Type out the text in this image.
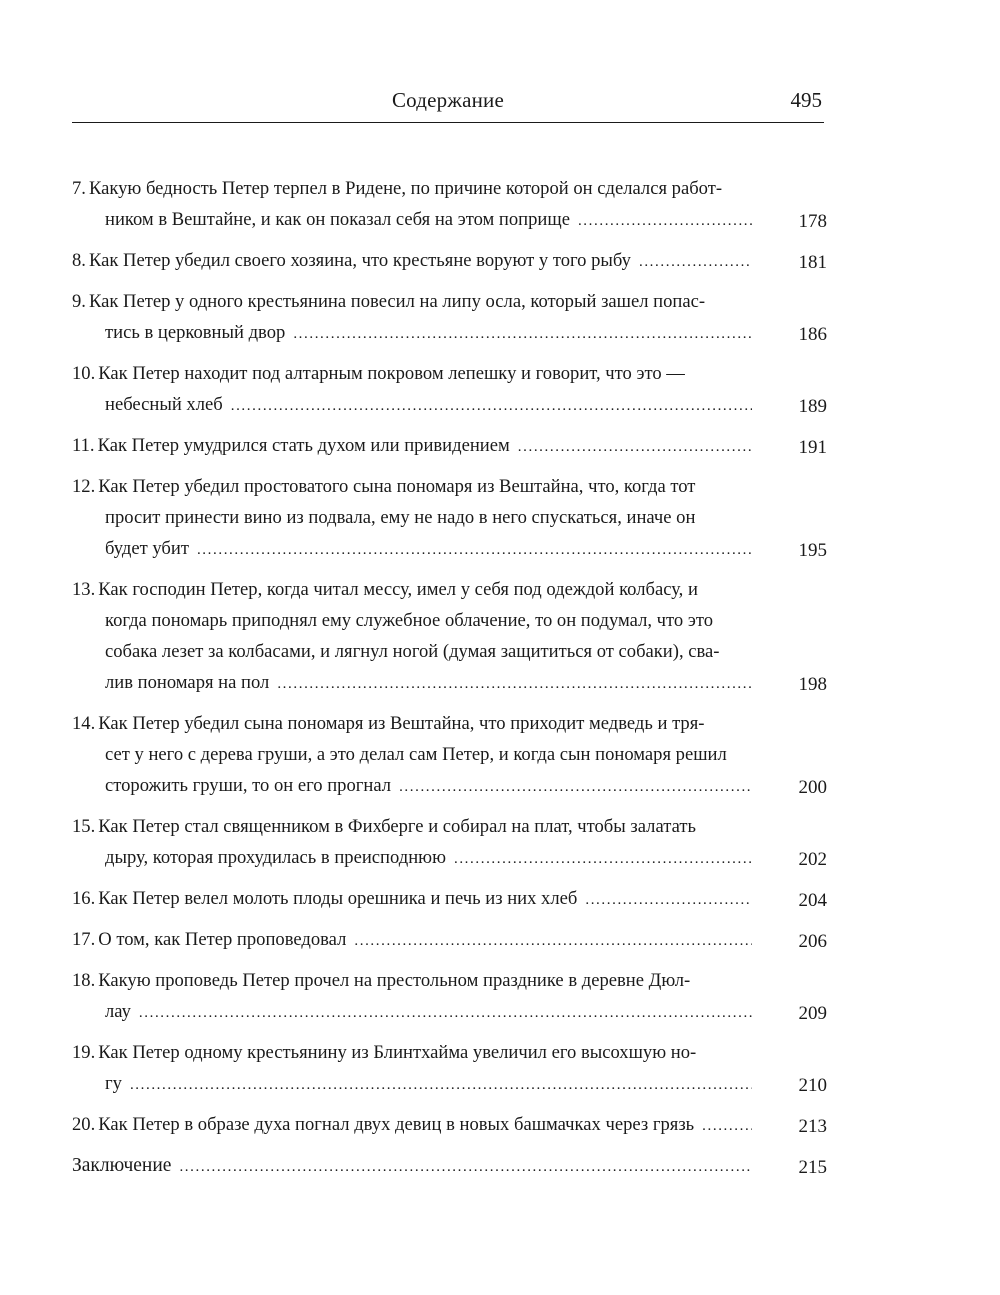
Содержание	495
7. Какую бедность Петер терпел в Ридене, по причине которой он сделался работ-
ником в Вештайне, и как он показал себя на этом поприще .....	178
8. Как Петер убедил своего хозяина, что крестьяне воруют у того рыбу .....	181
9. Как Петер у одного крестьянина повесил на липу осла, который зашел попас-
тись в церковный двор .....	186
10. Как Петер находит под алтарным покровом лепешку и говорит, что это —
небесный хлеб .....	189
11. Как Петер умудрился стать духом или привидением .....	191
12. Как Петер убедил простоватого сына пономаря из Вештайна, что, когда тот
просит принести вино из подвала, ему не надо в него спускаться, иначе он
будет убит .....	195
13. Как господин Петер, когда читал мессу, имел у себя под одеждой колбасу, и
когда пономарь приподнял ему служебное облачение, то он подумал, что это
собака лезет за колбасами, и лягнул ногой (думая защититься от собаки), сва-
лив пономаря на пол .....	198
14. Как Петер убедил сына пономаря из Вештайна, что приходит медведь и тря-
сет у него с дерева груши, а это делал сам Петер, и когда сын пономаря решил
сторожить груши, то он его прогнал .....	200
15. Как Петер стал священником в Фихберге и собирал на плат, чтобы залатать
дыру, которая прохудилась в преисподнюю .....	202
16. Как Петер велел молоть плоды орешника и печь из них хлеб .....	204
17. О том, как Петер проповедовал .....	206
18. Какую проповедь Петер прочел на престольном празднике в деревне Дюл-
лау .....	209
19. Как Петер одному крестьянину из Блинтхайма увеличил его высохшую но-
гу .....	210
20. Как Петер в образе духа погнал двух девиц в новых башмачках через грязь .....	213
Заключение .....	215
